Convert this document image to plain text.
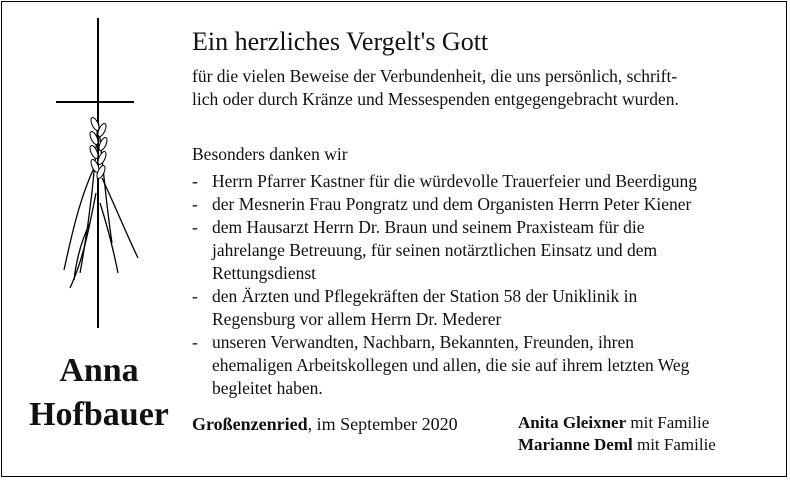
Anna
Hofbauer
Ein herzliches Vergelt's Gott
für die vielen Beweise der Verbundenheit, die uns persönlich, schrift-
lich oder durch Kränze und Messespenden entgegengebracht wurden.
Besonders danken wir
- Herrn Pfarrer Kastner für die würdevolle Trauerfeier und Beerdigung
- der Mesnerin Frau Pongratz und dem Organisten Herrn Peter Kiener
- dem Hausarzt Herrn Dr. Braun und seinem Praxisteam für die
jahrelange Betreuung, für seinen notärztlichen Einsatz und dem
Rettungsdienst
- den Ärzten und Pflegekräften der Station 58 der Uniklinik in
Regensburg vor allem Herrn Dr. Mederer
- unseren Verwandten, Nachbarn, Bekannten, Freunden, ihren
ehemaligen Arbeitskollegen und allen, die sie auf ihrem letzten Weg
begleitet haben.
Großenzenried, im September 2020	Anita Gleixner mit Familie
Marianne Deml mit Familie
